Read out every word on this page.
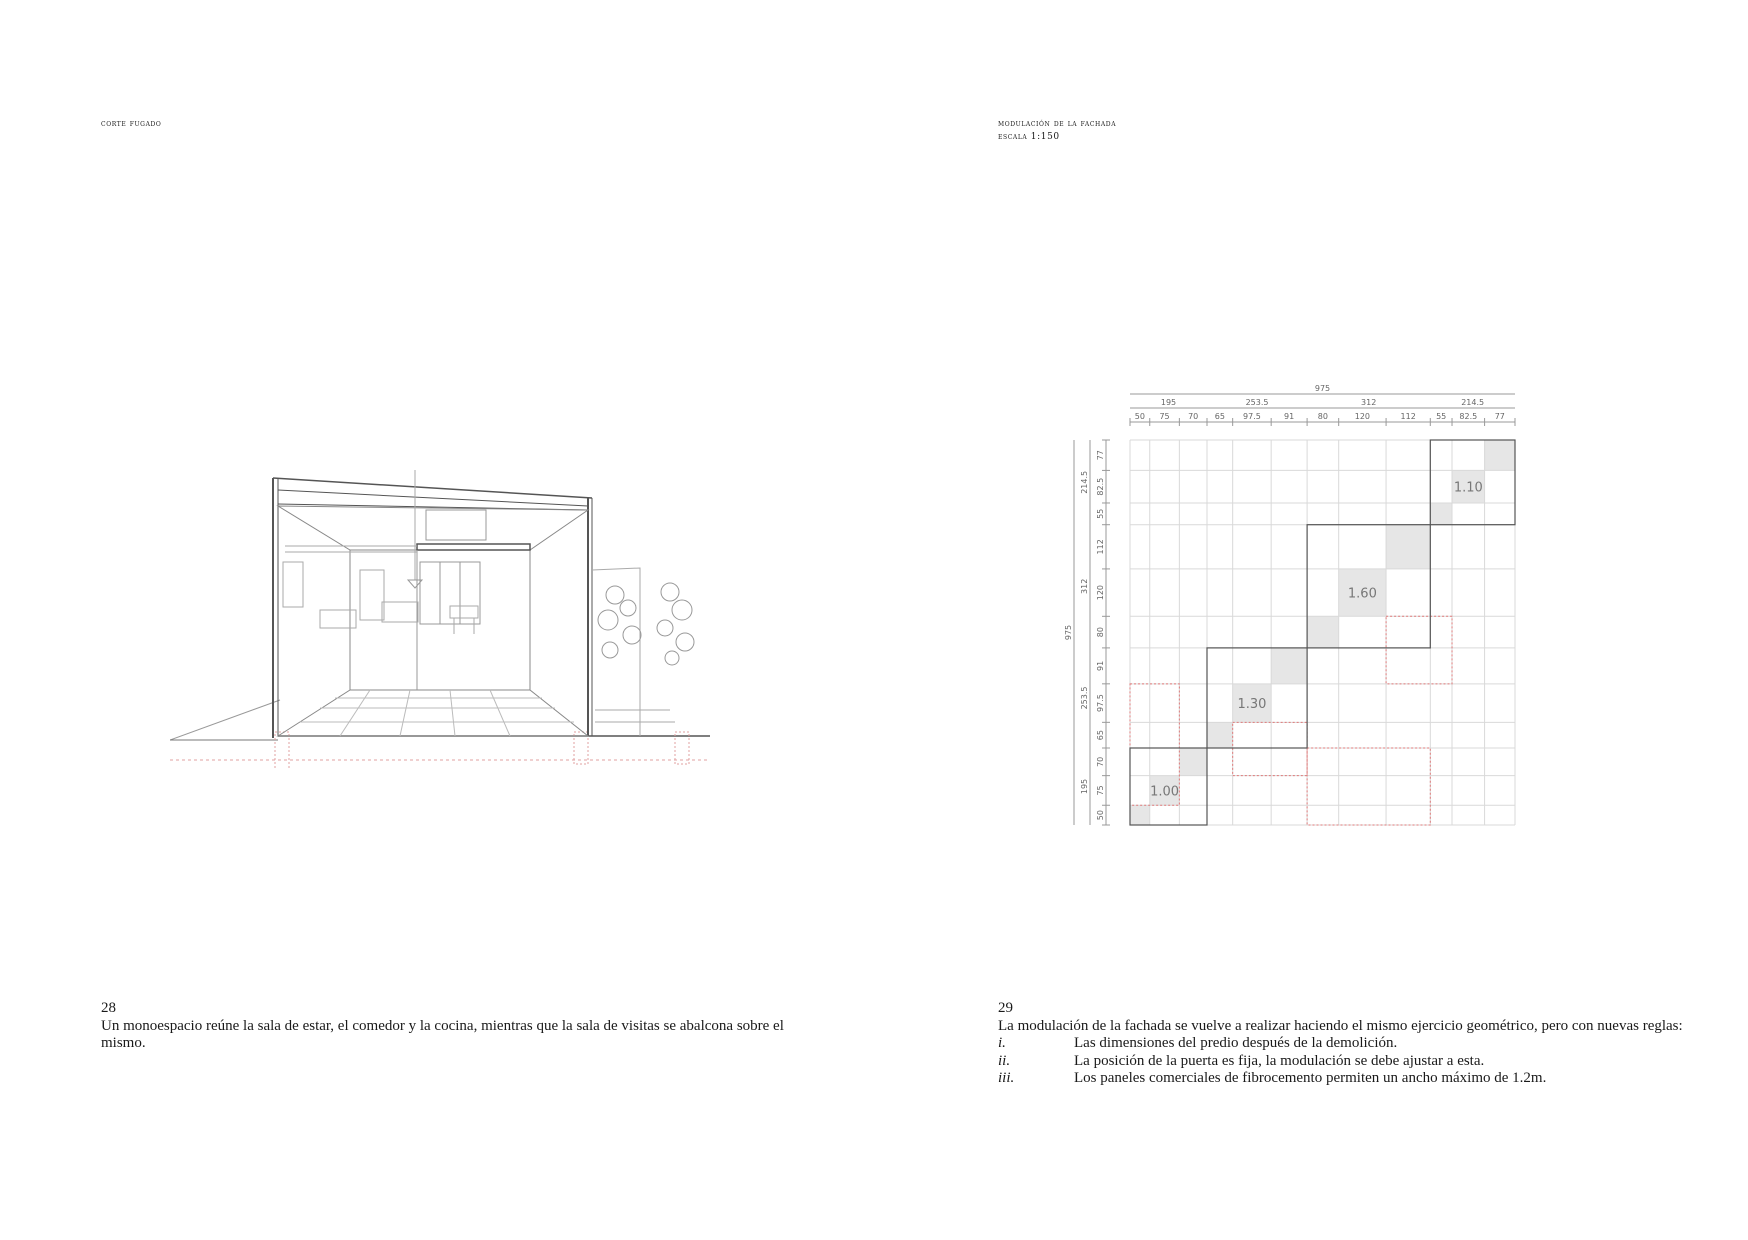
corte fugado
28
Un monoespacio reúne la sala de estar, el comedor y la cocina, mientras que la sala de visitas se abalcona sobre el mismo.
modulación de la fachada
escala 1:150
1.00
1.30
1.60
1.10
975
195	253.5	312	214.5
50 75 70 65 97.5	91	80	120	112	55 82.5 77
975
195
253.5
312
214.5
50
75
70
65
97.5
91
80
120
112
55
82.5
77
29
La modulación de la fachada se vuelve a realizar haciendo el mismo ejercicio geométrico, pero con nuevas reglas:
i.	Las dimensiones del predio después de la demolición.
ii.	La posición de la puerta es fija, la modulación se debe ajustar a esta.
iii.	Los paneles comerciales de fibrocemento permiten un ancho máximo de 1.2m.
